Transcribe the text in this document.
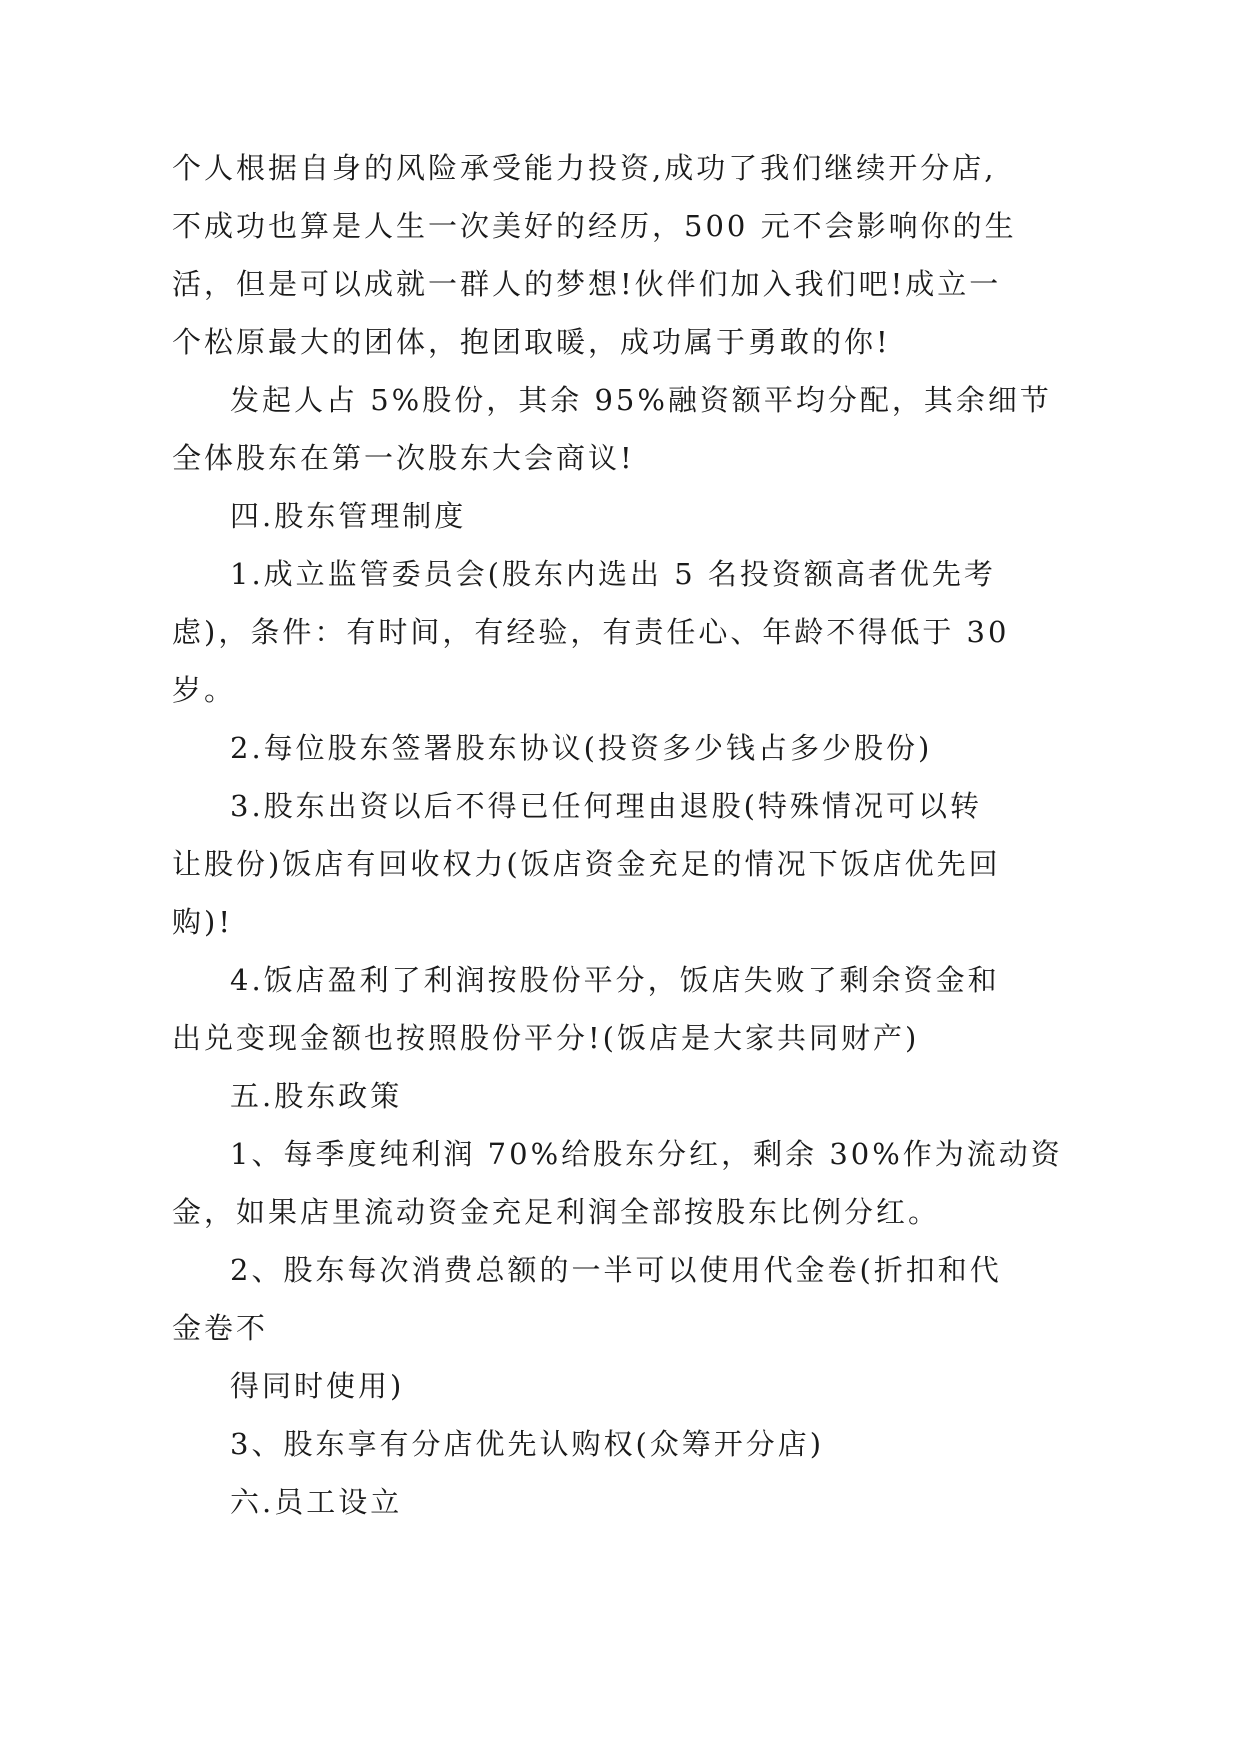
个人根据自身的风险承受能力投资,成功了我们继续开分店,
不成功也算是人生一次美好的经历，500 元不会影响你的生
活，但是可以成就一群人的梦想!伙伴们加入我们吧!成立一
个松原最大的团体，抱团取暖，成功属于勇敢的你!
发起人占 5%股份，其余 95%融资额平均分配，其余细节
全体股东在第一次股东大会商议!
四.股东管理制度
1.成立监管委员会(股东内选出 5 名投资额高者优先考
虑)，条件：有时间，有经验，有责任心、年龄不得低于 30
岁。
2.每位股东签署股东协议(投资多少钱占多少股份)
3.股东出资以后不得已任何理由退股(特殊情况可以转
让股份)饭店有回收权力(饭店资金充足的情况下饭店优先回
购)!
4.饭店盈利了利润按股份平分，饭店失败了剩余资金和
出兑变现金额也按照股份平分!(饭店是大家共同财产)
五.股东政策
1、每季度纯利润 70%给股东分红，剩余 30%作为流动资
金，如果店里流动资金充足利润全部按股东比例分红。
2、股东每次消费总额的一半可以使用代金卷(折扣和代
金卷不
得同时使用)
3、股东享有分店优先认购权(众筹开分店)
六.员工设立
